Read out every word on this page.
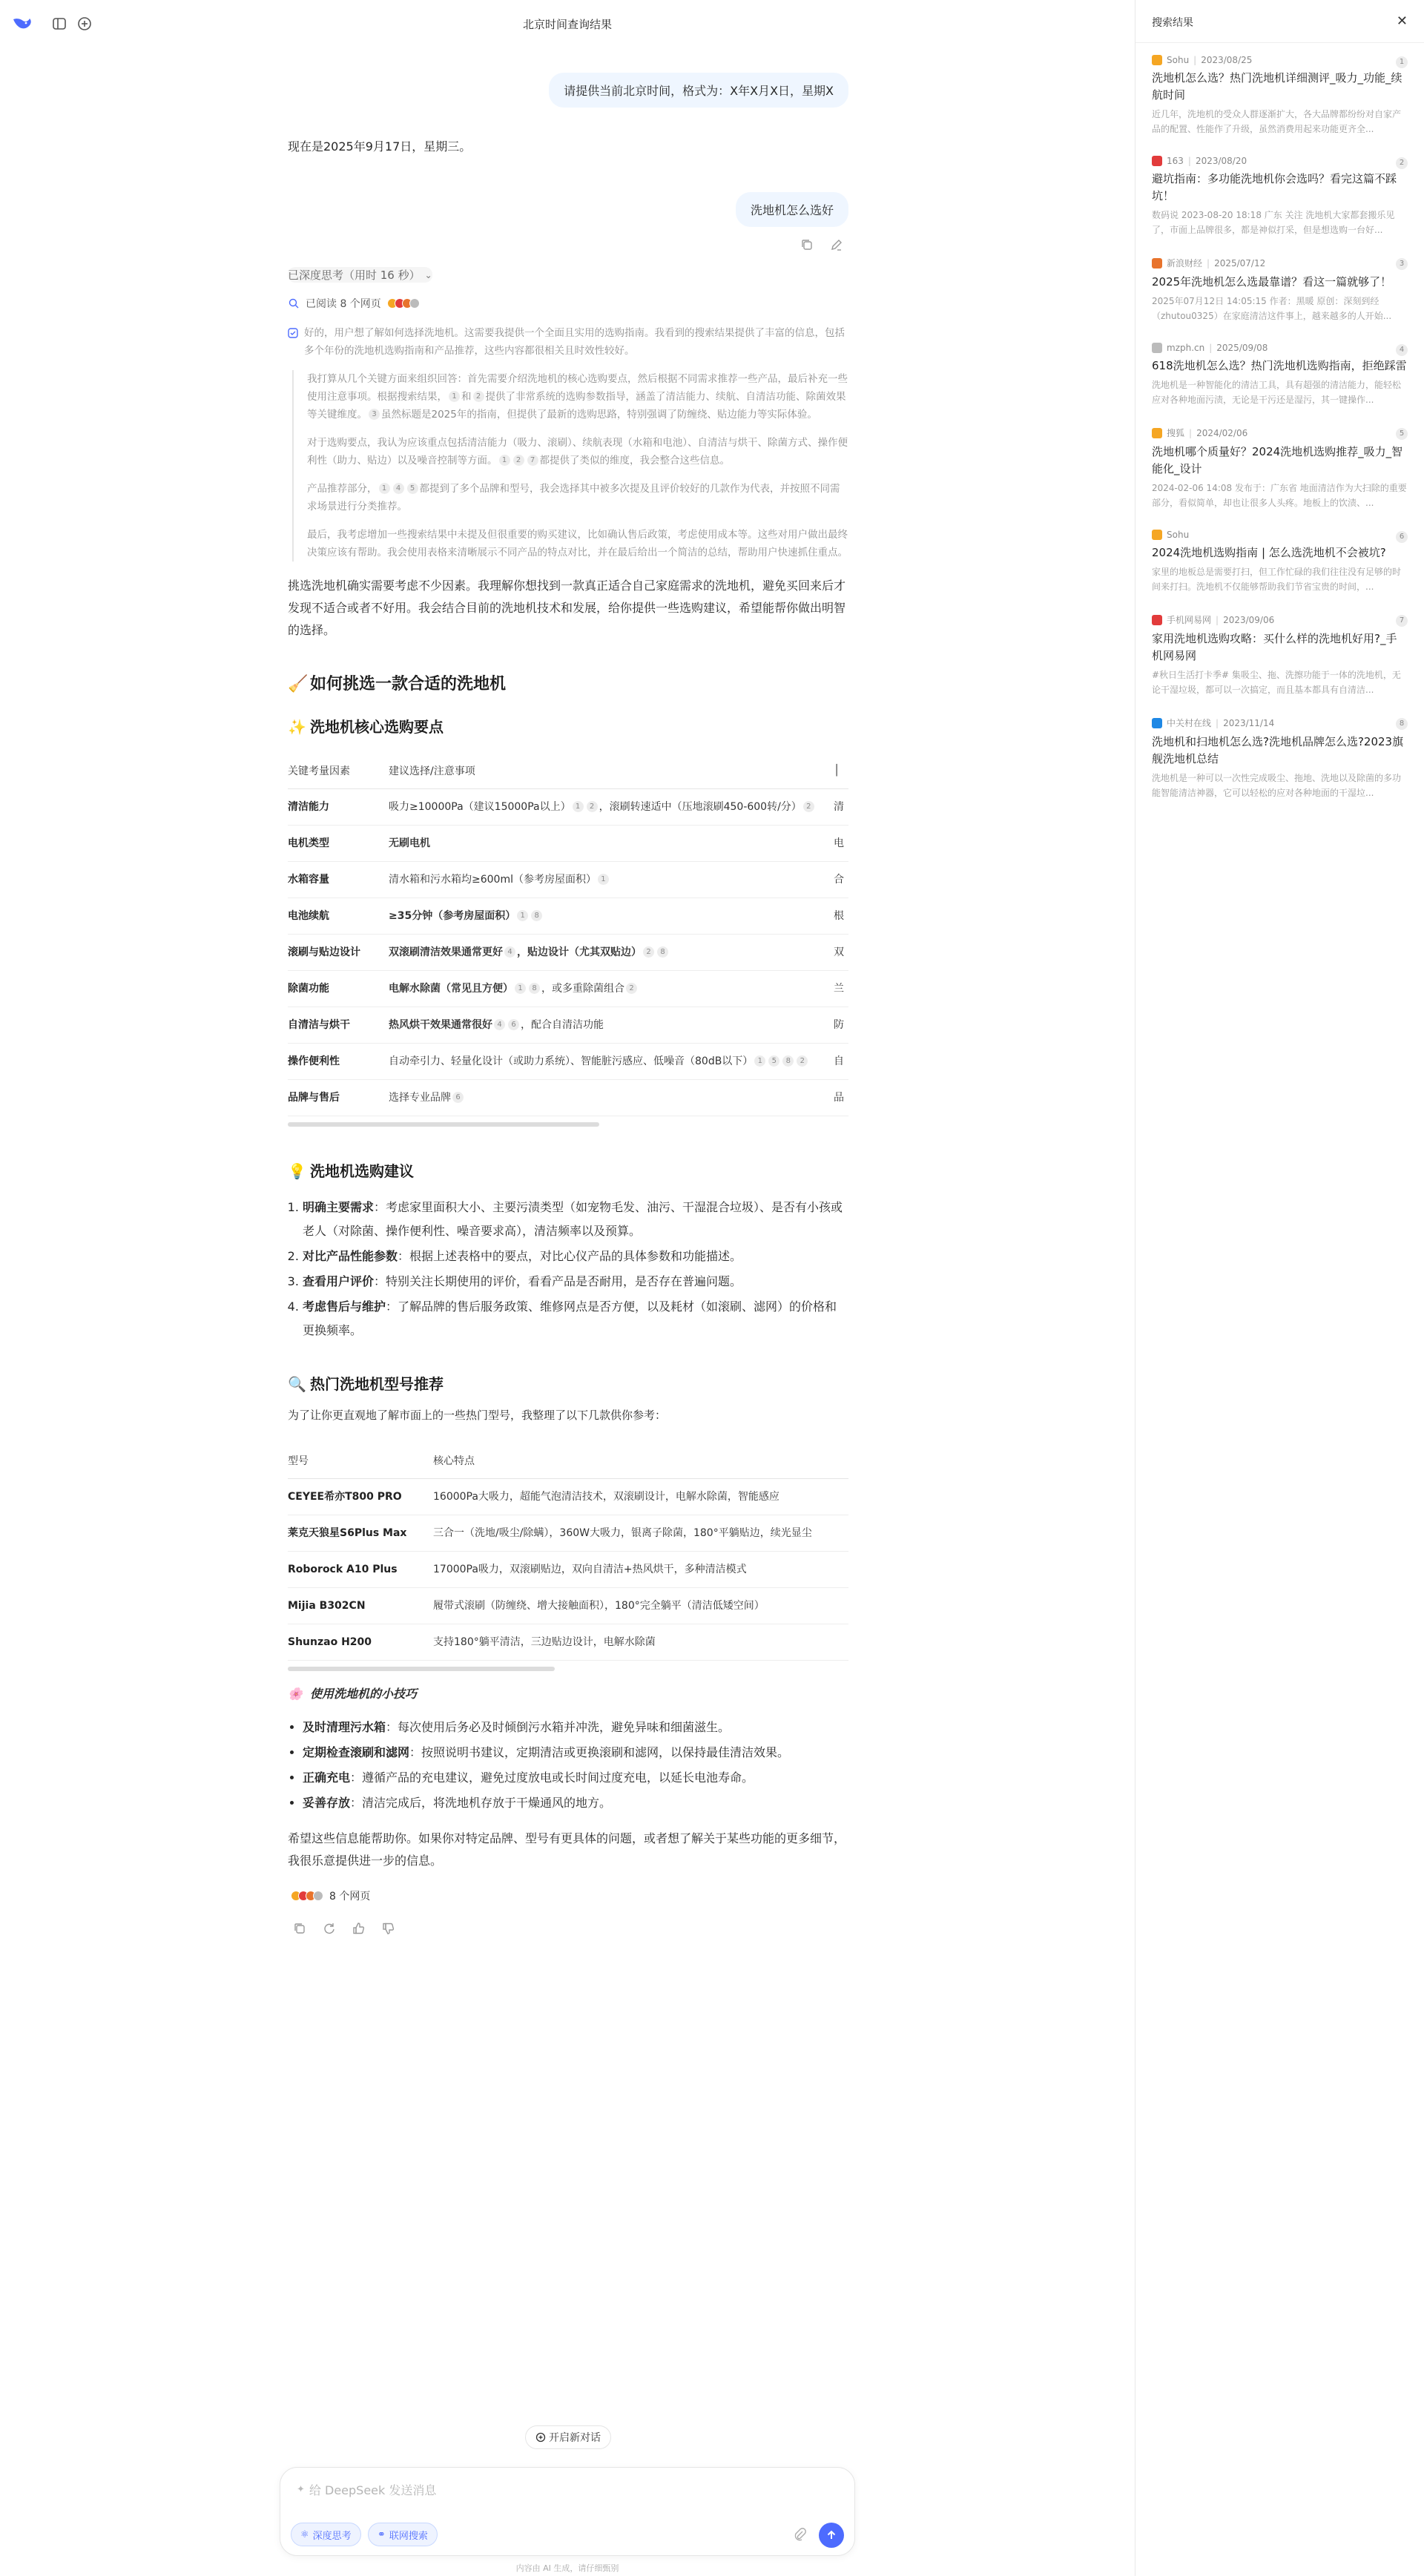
北京时间查询结果
请提供当前北京时间，格式为：X年X月X日，星期X
现在是2025年9月17日，星期三。
洗地机怎么选好
已深度思考（用时 16 秒） ⌄
已阅读 8 个网页

好的，用户想了解如何选择洗地机。这需要我提供一个全面且实用的选购指南。我看到的搜索结果提供了丰富的信息，包括多个年份的洗地机选购指南和产品推荐，这些内容都很相关且时效性较好。

我打算从几个关键方面来组织回答：首先需要介绍洗地机的核心选购要点，然后根据不同需求推荐一些产品，最后补充一些使用注意事项。根据搜索结果， 1 和 2 提供了非常系统的选购参数指导，涵盖了清洁能力、续航、自清洁功能、除菌效果等关键维度。 3 虽然标题是2025年的指南，但提供了最新的选购思路，特别强调了防缠绕、贴边能力等实际体验。

对于选购要点，我认为应该重点包括清洁能力（吸力、滚刷）、续航表现（水箱和电池）、自清洁与烘干、除菌方式、操作便利性（助力、贴边）以及噪音控制等方面。 1 2 7 都提供了类似的维度，我会整合这些信息。

产品推荐部分， 1 4 5 都提到了多个品牌和型号，我会选择其中被多次提及且评价较好的几款作为代表，并按照不同需求场景进行分类推荐。

最后，我考虑增加一些搜索结果中未提及但很重要的购买建议，比如确认售后政策，考虑使用成本等。这些对用户做出最终决策应该有帮助。我会使用表格来清晰展示不同产品的特点对比，并在最后给出一个简洁的总结，帮助用户快速抓住重点。

挑选洗地机确实需要考虑不少因素。我理解你想找到一款真正适合自己家庭需求的洗地机，避免买回来后才发现不适合或者不好用。我会结合目前的洗地机技术和发展，给你提供一些选购建议，希望能帮你做出明智的选择。
🧹 如何挑选一款合适的洗地机
✨ 洗地机核心选购要点
关键考量因素	建议选择/注意事项	│
清洁能力	吸力≥10000Pa（建议15000Pa以上） 1 2 ，滚刷转速适中（压地滚刷450-600转/分） 2	清
电机类型	无刷电机	电
水箱容量	清水箱和污水箱均≥600ml（参考房屋面积） 1	合
电池续航	≥35分钟（参考房屋面积） 1 8	根
滚刷与贴边设计	双滚刷清洁效果通常更好 4 ，贴边设计（尤其双贴边） 2 8	双
除菌功能	电解水除菌（常见且方便） 1 8 ，或多重除菌组合 2	兰
自清洁与烘干	热风烘干效果通常很好 4 6 ，配合自清洁功能	防
操作便利性	自动牵引力、轻量化设计（或助力系统）、智能脏污感应、低噪音（80dB以下） 1 5 8 2	自
品牌与售后	选择专业品牌 6	品
💡 洗地机选购建议
1. 明确主要需求：考虑家里面积大小、主要污渍类型（如宠物毛发、油污、干湿混合垃圾）、是否有小孩或老人（对除菌、操作便利性、噪音要求高），清洁频率以及预算。
2. 对比产品性能参数：根据上述表格中的要点，对比心仪产品的具体参数和功能描述。
3. 查看用户评价：特别关注长期使用的评价，看看产品是否耐用，是否存在普遍问题。
4. 考虑售后与维护：了解品牌的售后服务政策、维修网点是否方便，以及耗材（如滚刷、滤网）的价格和更换频率。
🔍 热门洗地机型号推荐
为了让你更直观地了解市面上的一些热门型号，我整理了以下几款供你参考：
型号	核心特点
CEYEE希亦T800 PRO	16000Pa大吸力，超能气泡清洁技术，双滚刷设计，电解水除菌，智能感应
莱克天狼星S6Plus Max	三合一（洗地/吸尘/除螨），360W大吸力，银离子除菌，180°平躺贴边，续光显尘
Roborock A10 Plus	17000Pa吸力，双滚刷贴边，双向自清洁+热风烘干，多种清洁模式
Mijia B302CN	履带式滚刷（防缠绕、增大接触面积），180°完全躺平（清洁低矮空间）
Shunzao H200	支持180°躺平清洁，三边贴边设计，电解水除菌
🌸 使用洗地机的小技巧
• 及时清理污水箱：每次使用后务必及时倾倒污水箱并冲洗，避免异味和细菌滋生。
• 定期检查滚刷和滤网：按照说明书建议，定期清洁或更换滚刷和滤网，以保持最佳清洁效果。
• 正确充电：遵循产品的充电建议，避免过度放电或长时间过度充电，以延长电池寿命。
• 妥善存放：清洁完成后，将洗地机存放于干燥通风的地方。
希望这些信息能帮助你。如果你对特定品牌、型号有更具体的问题，或者想了解关于某些功能的更多细节，我很乐意提供进一步的信息。
8 个网页
开启新对话
✦ 给 DeepSeek 发送消息
⚛ 深度思考	⚭ 联网搜索
内容由 AI 生成，请仔细甄别
搜索结果	✕
Sohu | 2023/08/25	1
洗地机怎么选？热门洗地机详细测评_吸力_功能_续航时间
近几年，洗地机的受众人群逐渐扩大，各大品牌都纷纷对自家产品的配置、性能作了升级，虽然消费用起来功能更齐全...
163 | 2023/08/20	2
避坑指南：多功能洗地机你会选吗？看完这篇不踩坑！
数码说 2023-08-20 18:18 广东 关注 洗地机大家都套搬乐见了，市面上品牌很多，都是神似打采，但是想选购一台好...
新浪财经 | 2025/07/12	3
2025年洗地机怎么选最靠谱？看这一篇就够了！
2025年07月12日 14:05:15 作者：黑暖 原创：深刻到经（zhutou0325）在家庭清洁这件事上，越来越多的人开始...
mzph.cn | 2025/09/08	4
618洗地机怎么选？热门洗地机选购指南，拒绝踩雷
洗地机是一种智能化的清洁工具，具有超强的清洁能力，能轻松应对各种地面污渍，无论是干污还是湿污，其一键操作...
搜狐 | 2024/02/06	5
洗地机哪个质量好？2024洗地机选购推荐_吸力_智能化_设计
2024-02-06 14:08 发布于：广东省 地面清洁作为大扫除的重要部分，看似简单，却也让很多人头疼。地板上的饮渍、...
Sohu	6
2024洗地机选购指南 | 怎么选洗地机不会被坑?
家里的地板总是需要打扫，但工作忙碌的我们往往没有足够的时间来打扫。洗地机不仅能够帮助我们节省宝贵的时间，...
手机网易网 | 2023/09/06	7
家用洗地机选购攻略：买什么样的洗地机好用?_手机网易网
#秋日生活打卡季# 集吸尘、拖、洗擦功能于一体的洗地机，无论干湿垃圾，都可以一次搞定，而且基本都具有自清洁...
中关村在线 | 2023/11/14	8
洗地机和扫地机怎么选?洗地机品牌怎么选?2023旗舰洗地机总结
洗地机是一种可以一次性完成吸尘、拖地、洗地以及除菌的多功能智能清洁神器，它可以轻松的应对各种地面的干湿垃...
